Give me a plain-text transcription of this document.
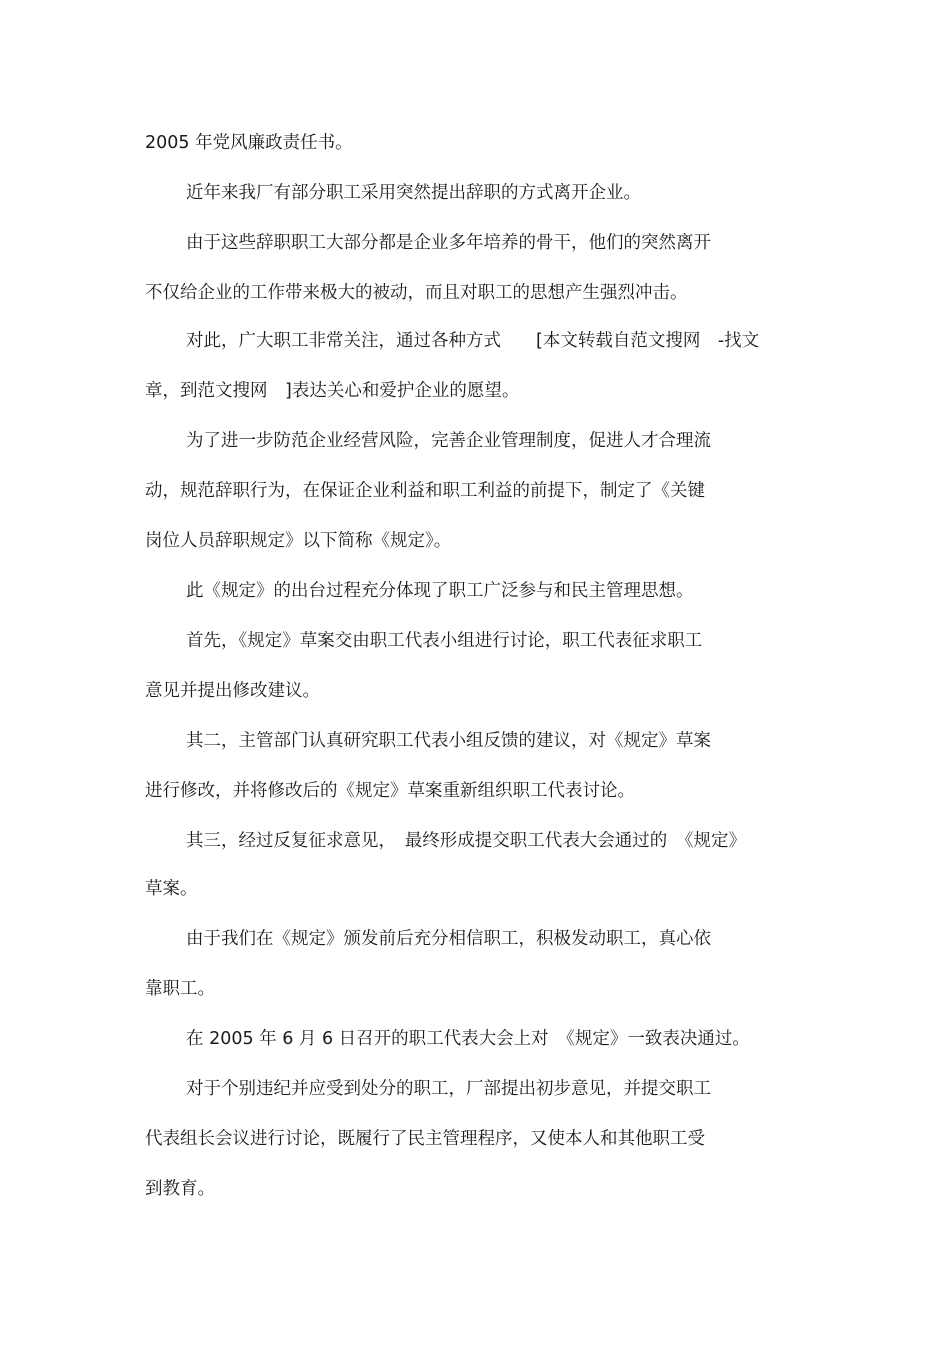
2005 年党风廉政责任书。
近年来我厂有部分职工采用突然提出辞职的方式离开企业。
由于这些辞职职工大部分都是企业多年培养的骨干，他们的突然离开
不仅给企业的工作带来极大的被动，而且对职工的思想产生强烈冲击。
对此，广大职工非常关注，通过各种方式　　[本文转载自范文搜网　-找文
章，到范文搜网　]表达关心和爱护企业的愿望。
为了进一步防范企业经营风险，完善企业管理制度，促进人才合理流
动，规范辞职行为，在保证企业利益和职工利益的前提下，制定了《关键
岗位人员辞职规定》以下简称《规定》。
此《规定》的出台过程充分体现了职工广泛参与和民主管理思想。
首先，《规定》草案交由职工代表小组进行讨论，职工代表征求职工
意见并提出修改建议。
其二，主管部门认真研究职工代表小组反馈的建议，对《规定》草案
进行修改，并将修改后的《规定》草案重新组织职工代表讨论。
其三，经过反复征求意见，　最终形成提交职工代表大会通过的　《规定》
草案。
由于我们在《规定》颁发前后充分相信职工，积极发动职工，真心依
靠职工。
在 2005 年 6 月 6 日召开的职工代表大会上对　《规定》一致表决通过。
对于个别违纪并应受到处分的职工，厂部提出初步意见，并提交职工
代表组长会议进行讨论，既履行了民主管理程序，又使本人和其他职工受
到教育。
